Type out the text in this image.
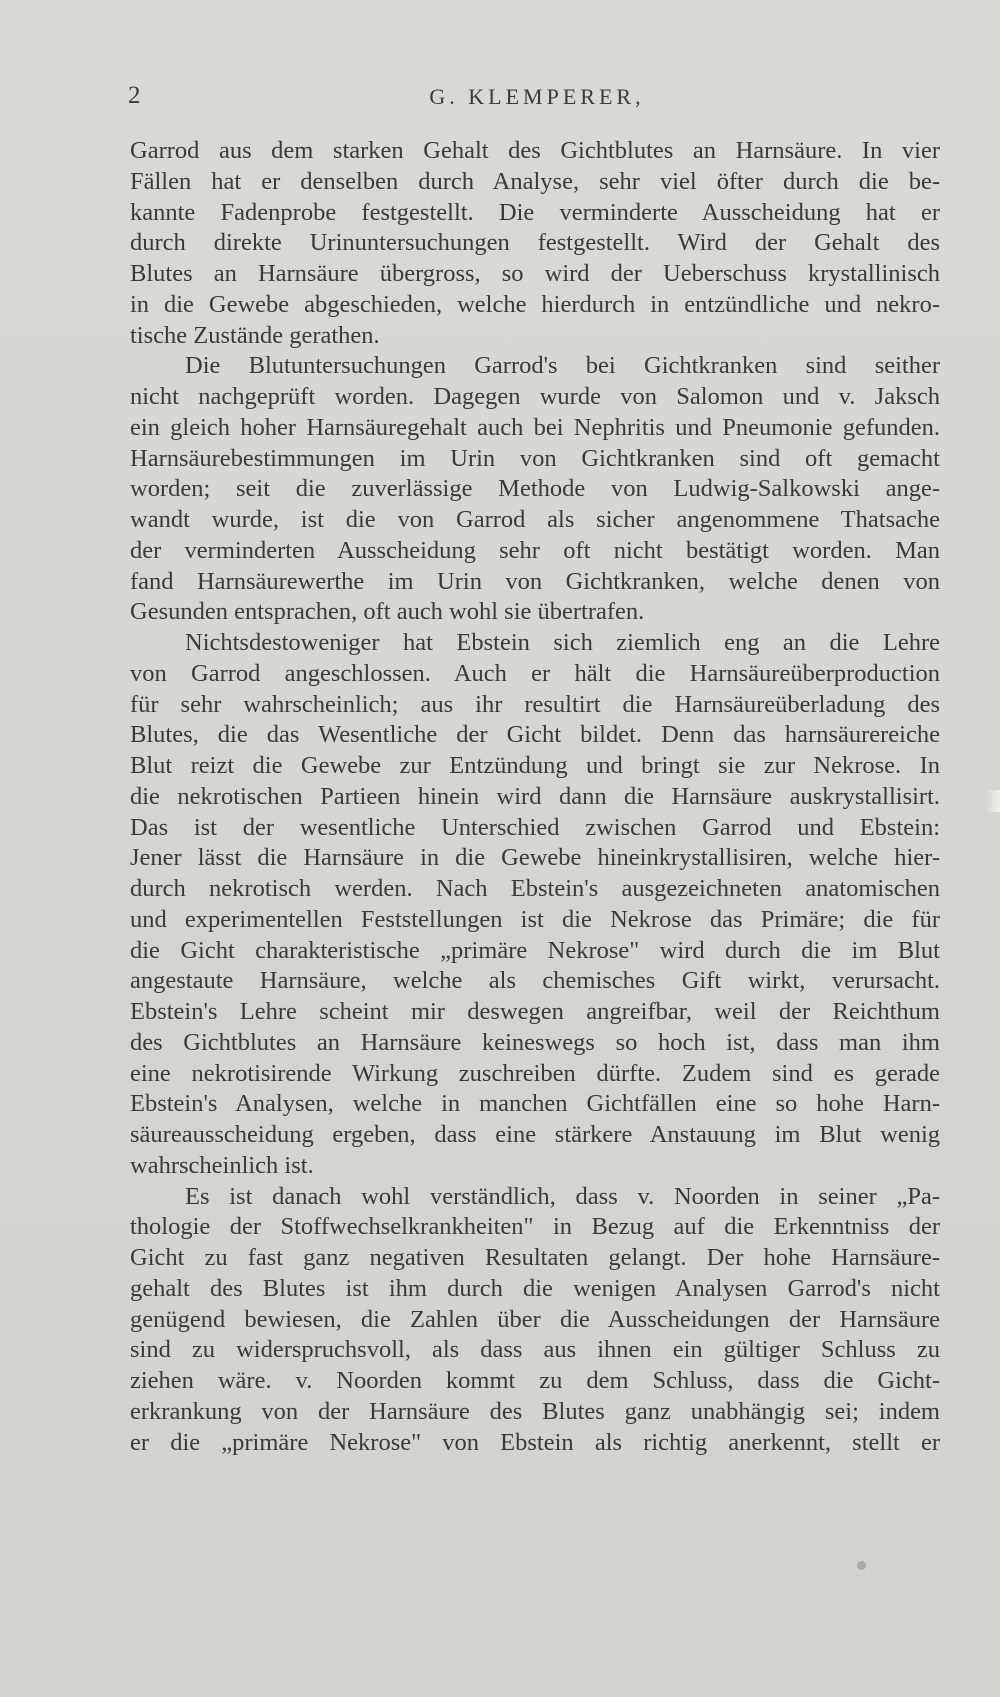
2	G. KLEMPERER,
Garrod aus dem starken Gehalt des Gichtblutes an Harnsäure. In vier
Fällen hat er denselben durch Analyse, sehr viel öfter durch die be-
kannte Fadenprobe festgestellt. Die verminderte Ausscheidung hat er
durch direkte Urinuntersuchungen festgestellt. Wird der Gehalt des
Blutes an Harnsäure übergross, so wird der Ueberschuss krystallinisch
in die Gewebe abgeschieden, welche hierdurch in entzündliche und nekro-
tische Zustände gerathen.
Die Blutuntersuchungen Garrod's bei Gichtkranken sind seither
nicht nachgeprüft worden. Dagegen wurde von Salomon und v. Jaksch
ein gleich hoher Harnsäuregehalt auch bei Nephritis und Pneumonie gefunden.
Harnsäurebestimmungen im Urin von Gichtkranken sind oft gemacht
worden; seit die zuverlässige Methode von Ludwig-Salkowski ange-
wandt wurde, ist die von Garrod als sicher angenommene Thatsache
der verminderten Ausscheidung sehr oft nicht bestätigt worden. Man
fand Harnsäurewerthe im Urin von Gichtkranken, welche denen von
Gesunden entsprachen, oft auch wohl sie übertrafen.
Nichtsdestoweniger hat Ebstein sich ziemlich eng an die Lehre
von Garrod angeschlossen. Auch er hält die Harnsäureüberproduction
für sehr wahrscheinlich; aus ihr resultirt die Harnsäureüberladung des
Blutes, die das Wesentliche der Gicht bildet. Denn das harnsäurereiche
Blut reizt die Gewebe zur Entzündung und bringt sie zur Nekrose. In
die nekrotischen Partieen hinein wird dann die Harnsäure auskrystallisirt.
Das ist der wesentliche Unterschied zwischen Garrod und Ebstein:
Jener lässt die Harnsäure in die Gewebe hineinkrystallisiren, welche hier-
durch nekrotisch werden. Nach Ebstein's ausgezeichneten anatomischen
und experimentellen Feststellungen ist die Nekrose das Primäre; die für
die Gicht charakteristische „primäre Nekrose" wird durch die im Blut
angestaute Harnsäure, welche als chemisches Gift wirkt, verursacht.
Ebstein's Lehre scheint mir deswegen angreifbar, weil der Reichthum
des Gichtblutes an Harnsäure keineswegs so hoch ist, dass man ihm
eine nekrotisirende Wirkung zuschreiben dürfte. Zudem sind es gerade
Ebstein's Analysen, welche in manchen Gichtfällen eine so hohe Harn-
säureausscheidung ergeben, dass eine stärkere Anstauung im Blut wenig
wahrscheinlich ist.
Es ist danach wohl verständlich, dass v. Noorden in seiner „Pa-
thologie der Stoffwechselkrankheiten" in Bezug auf die Erkenntniss der
Gicht zu fast ganz negativen Resultaten gelangt. Der hohe Harnsäure-
gehalt des Blutes ist ihm durch die wenigen Analysen Garrod's nicht
genügend bewiesen, die Zahlen über die Ausscheidungen der Harnsäure
sind zu widerspruchsvoll, als dass aus ihnen ein gültiger Schluss zu
ziehen wäre. v. Noorden kommt zu dem Schluss, dass die Gicht-
erkrankung von der Harnsäure des Blutes ganz unabhängig sei; indem
er die „primäre Nekrose" von Ebstein als richtig anerkennt, stellt er
